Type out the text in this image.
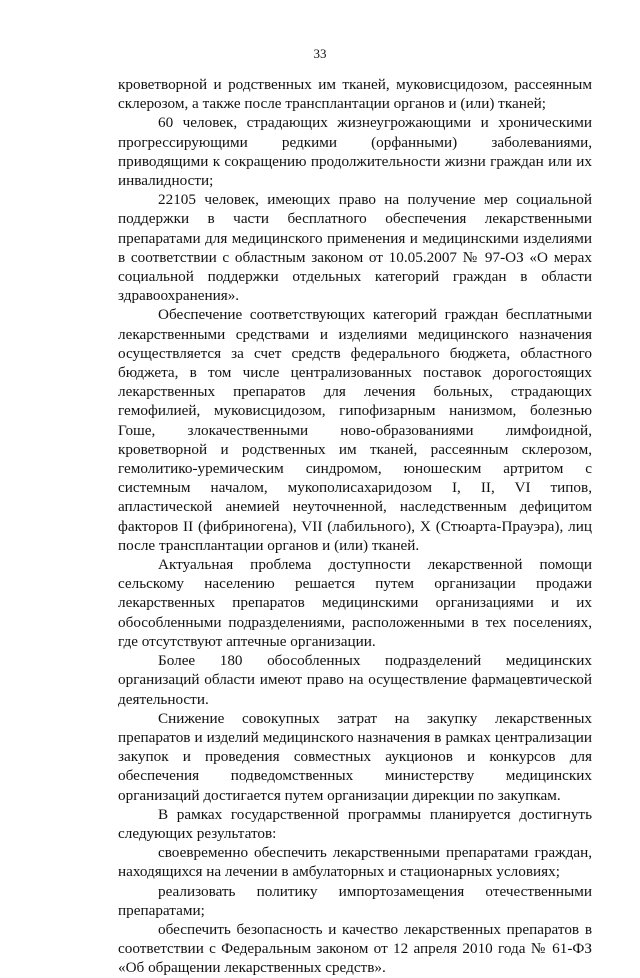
33

кроветворной и родственных им тканей, муковисцидозом, рассеянным склерозом, а также после трансплантации органов и (или) тканей;

60 человек, страдающих жизнеугрожающими и хроническими прогрессирующими редкими (орфанными) заболеваниями, приводящими к сокращению продолжительности жизни граждан или их инвалидности;

22105 человек, имеющих право на получение мер социальной поддержки в части бесплатного обеспечения лекарственными препаратами для медицинского применения и медицинскими изделиями в соответствии с областным законом от 10.05.2007 № 97-ОЗ «О мерах социальной поддержки отдельных категорий граждан в области здравоохранения».

Обеспечение соответствующих категорий граждан бесплатными лекарственными средствами и изделиями медицинского назначения осуществляется за счет средств федерального бюджета, областного бюджета, в том числе централизованных поставок дорогостоящих лекарственных препаратов для лечения больных, страдающих гемофилией, муковисцидозом, гипофизарным нанизмом, болезнью Гоше, злокачественными ново-образованиями лимфоидной, кроветворной и родственных им тканей, рассеянным склерозом, гемолитико-уремическим синдромом, юношеским артритом с системным началом, мукополисахаридозом I, II, VI типов, апластической анемией неуточненной, наследственным дефицитом факторов II (фибриногена), VII (лабильного), X (Стюарта-Прауэра), лиц после трансплантации органов и (или) тканей.

Актуальная проблема доступности лекарственной помощи сельскому населению решается путем организации продажи лекарственных препаратов медицинскими организациями и их обособленными подразделениями, расположенными в тех поселениях, где отсутствуют аптечные организации.

Более 180 обособленных подразделений медицинских организаций области имеют право на осуществление фармацевтической деятельности.

Снижение совокупных затрат на закупку лекарственных препаратов и изделий медицинского назначения в рамках централизации закупок и проведения совместных аукционов и конкурсов для обеспечения подведомственных министерству медицинских организаций достигается путем организации дирекции по закупкам.

В рамках государственной программы планируется достигнуть следующих результатов:

своевременно обеспечить лекарственными препаратами граждан, находящихся на лечении в амбулаторных и стационарных условиях;

реализовать политику импортозамещения отечественными препаратами;

обеспечить безопасность и качество лекарственных препаратов в соответствии с Федеральным законом от 12 апреля 2010 года № 61-ФЗ «Об обращении лекарственных средств».
